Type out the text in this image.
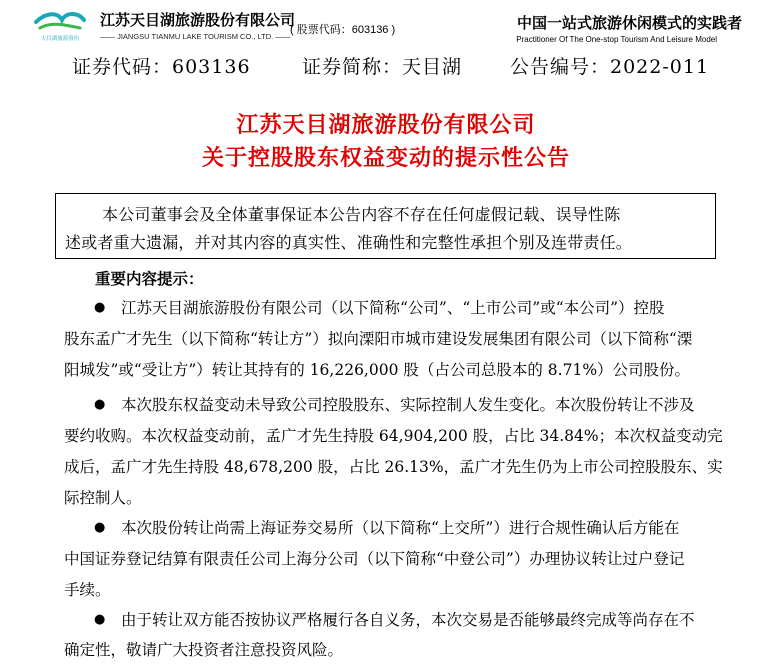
天目湖旅游股份
江苏天目湖旅游股份有限公司
—— JIANGSU TIANMU LAKE TOURISM CO., LTD. ——
( 股票代码：603136 )	中国一站式旅游休闲模式的实践者
Practitioner Of The One-stop Tourism And Leisure Model
证券代码：603136	证券简称：天目湖	公告编号：2022-011
江苏天目湖旅游股份有限公司
关于控股股东权益变动的提示性公告
本公司董事会及全体董事保证本公告内容不存在任何虚假记载、误导性陈
述或者重大遗漏，并对其内容的真实性、准确性和完整性承担个别及连带责任。
重要内容提示：
● 江苏天目湖旅游股份有限公司（以下简称“公司”、“上市公司”或“本公司”）控股
股东孟广才先生（以下简称“转让方”）拟向溧阳市城市建设发展集团有限公司（以下简称“溧
阳城发”或“受让方”）转让其持有的 16,226,000 股（占公司总股本的 8.71%）公司股份。
● 本次股东权益变动未导致公司控股股东、实际控制人发生变化。本次股份转让不涉及
要约收购。本次权益变动前，孟广才先生持股 64,904,200 股，占比 34.84%；本次权益变动完
成后，孟广才先生持股 48,678,200 股，占比 26.13%，孟广才先生仍为上市公司控股股东、实
际控制人。
● 本次股份转让尚需上海证券交易所（以下简称“上交所”）进行合规性确认后方能在
中国证券登记结算有限责任公司上海分公司（以下简称“中登公司”）办理协议转让过户登记
手续。
● 由于转让双方能否按协议严格履行各自义务，本次交易是否能够最终完成等尚存在不
确定性，敬请广大投资者注意投资风险。
